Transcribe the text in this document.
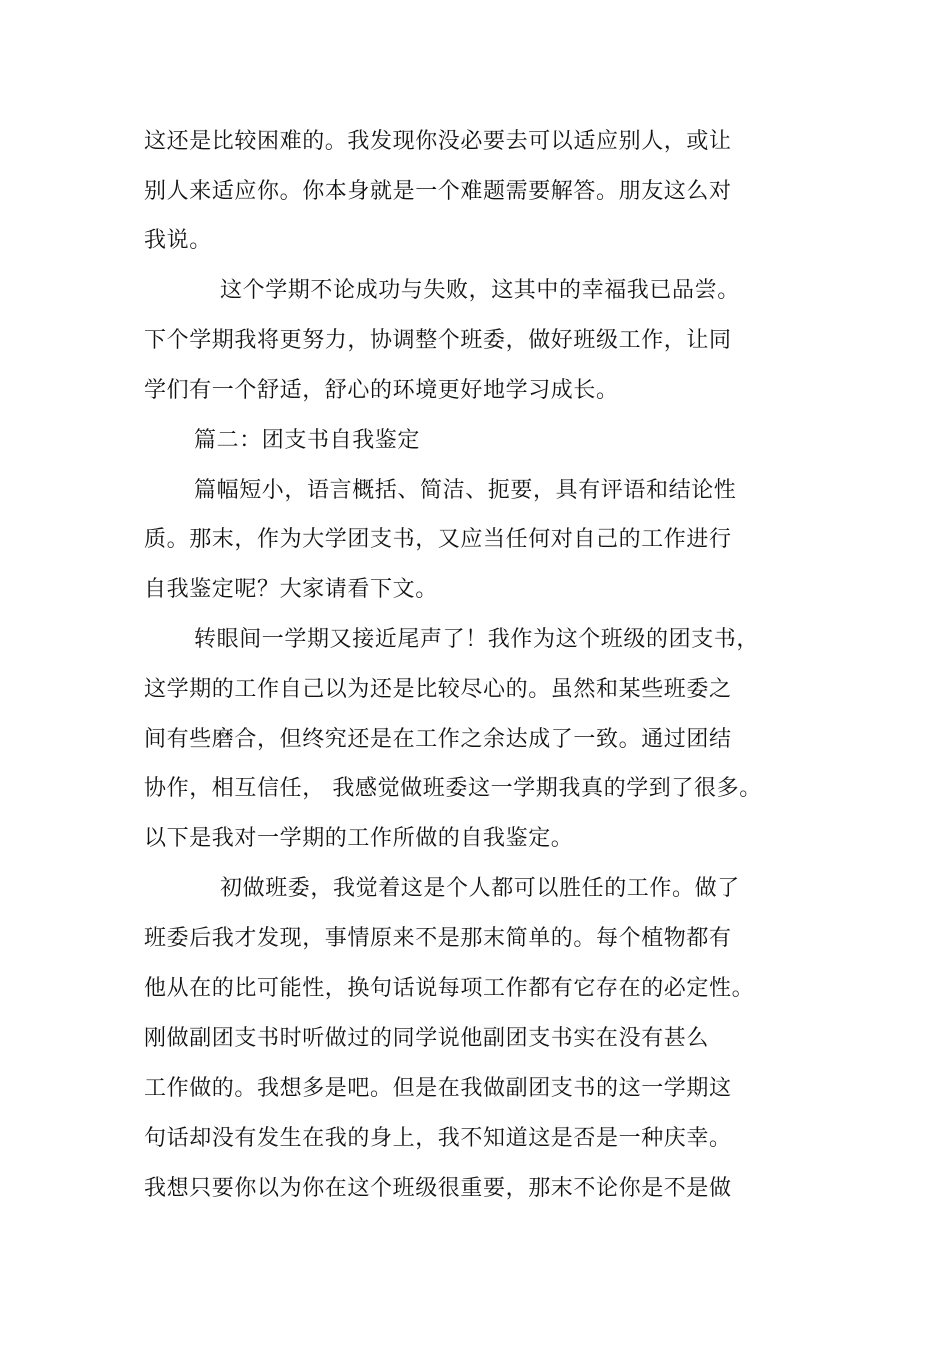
这还是比较困难的。我发现你没必要去可以适应别人，或让
别人来适应你。你本身就是一个难题需要解答。朋友这么对
我说。
这个学期不论成功与失败，这其中的幸福我已品尝。
下个学期我将更努力，协调整个班委，做好班级工作，让同
学们有一个舒适，舒心的环境更好地学习成长。
篇二：团支书自我鉴定
篇幅短小，语言概括、简洁、扼要，具有评语和结论性
质。那末，作为大学团支书，又应当任何对自己的工作进行
自我鉴定呢？大家请看下文。
转眼间一学期又接近尾声了！我作为这个班级的团支书，
这学期的工作自己以为还是比较尽心的。虽然和某些班委之
间有些磨合，但终究还是在工作之余达成了一致。通过团结
协作，相互信任， 我感觉做班委这一学期我真的学到了很多。
以下是我对一学期的工作所做的自我鉴定。
初做班委，我觉着这是个人都可以胜任的工作。做了
班委后我才发现，事情原来不是那末简单的。每个植物都有
他从在的比可能性，换句话说每项工作都有它存在的必定性。
刚做副团支书时听做过的同学说他副团支书实在没有甚么
工作做的。我想多是吧。但是在我做副团支书的这一学期这
句话却没有发生在我的身上，我不知道这是否是一种庆幸。
我想只要你以为你在这个班级很重要，那末不论你是不是做
